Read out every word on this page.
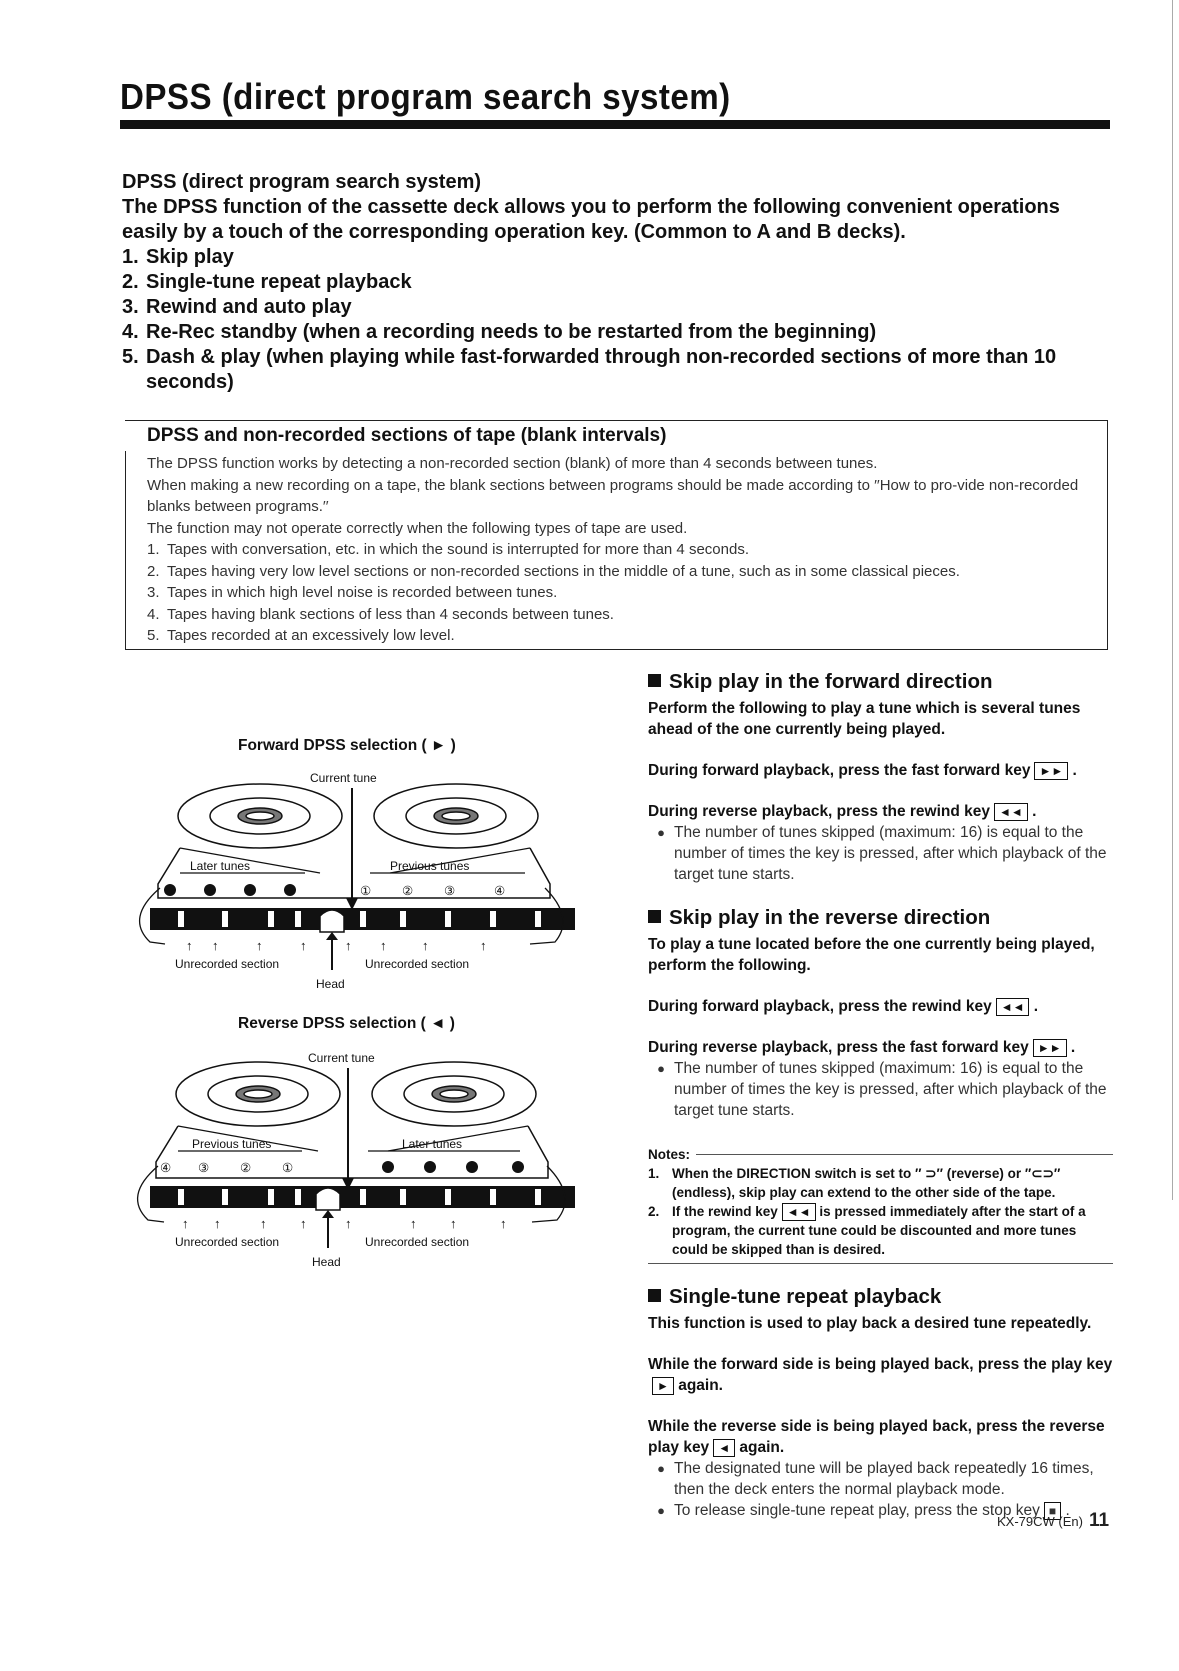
DPSS (direct program search system)
DPSS (direct program search system)
The DPSS function of the cassette deck allows you to perform the following convenient operations easily by a touch of the corresponding operation key. (Common to A and B decks).
1. Skip play
2. Single-tune repeat playback
3. Rewind and auto play
4. Re-Rec standby (when a recording needs to be restarted from the beginning)
5. Dash & play (when playing while fast-forwarded through non-recorded sections of more than 10 seconds)
DPSS and non-recorded sections of tape (blank intervals)
The DPSS function works by detecting a non-recorded section (blank) of more than 4 seconds between tunes.
When making a new recording on a tape, the blank sections between programs should be made according to ′′How to pro-vide non-recorded blanks between programs.′′
The function may not operate correctly when the following types of tape are used.
1. Tapes with conversation, etc. in which the sound is interrupted for more than 4 seconds.
2. Tapes having very low level sections or non-recorded sections in the middle of a tune, such as in some classical pieces.
3. Tapes in which high level noise is recorded between tunes.
4. Tapes having blank sections of less than 4 seconds between tunes.
5. Tapes recorded at an excessively low level.
Forward DPSS selection ( ► )
Current tune
Later tunes	Previous tunes
① ② ③	④
Head
↑ ↑	↑	↑	↑ ↑	↑	↑
Unrecorded section	Unrecorded section
Reverse DPSS selection ( ◄ )
Current tune
Previous tunes	Later tunes
④ ③ ② ①
Head
↑ ↑	↑	↑	↑	↑	↑	↑
Unrecorded section	Unrecorded section
Skip play in the forward direction
Perform the following to play a tune which is several tunes ahead of the one currently being played.
During forward playback, press the fast forward key ►► .
During reverse playback, press the rewind key ◄◄ .
● The number of tunes skipped (maximum: 16) is equal to the number of times the key is pressed, after which playback of the target tune starts.
Skip play in the reverse direction
To play a tune located before the one currently being played, perform the following.
During forward playback, press the rewind key ◄◄ .
During reverse playback, press the fast forward key ►► .
● The number of tunes skipped (maximum: 16) is equal to the number of times the key is pressed, after which playback of the target tune starts.
Notes:
1. When the DIRECTION switch is set to ′′ ⊃′′ (reverse) or ′′⊂⊃′′ (endless), skip play can extend to the other side of the tape.
2. If the rewind key ◄◄ is pressed immediately after the start of a program, the current tune could be discounted and more tunes could be skipped than is desired.
Single-tune repeat playback
This function is used to play back a desired tune repeatedly.
While the forward side is being played back, press the play key► again.
While the reverse side is being played back, press the reverse play key ◄ again.
● The designated tune will be played back repeatedly 16 times, then the deck enters the normal playback mode.
● To release single-tune repeat play, press the stop key ■ .
KX-79CW (En) 11
